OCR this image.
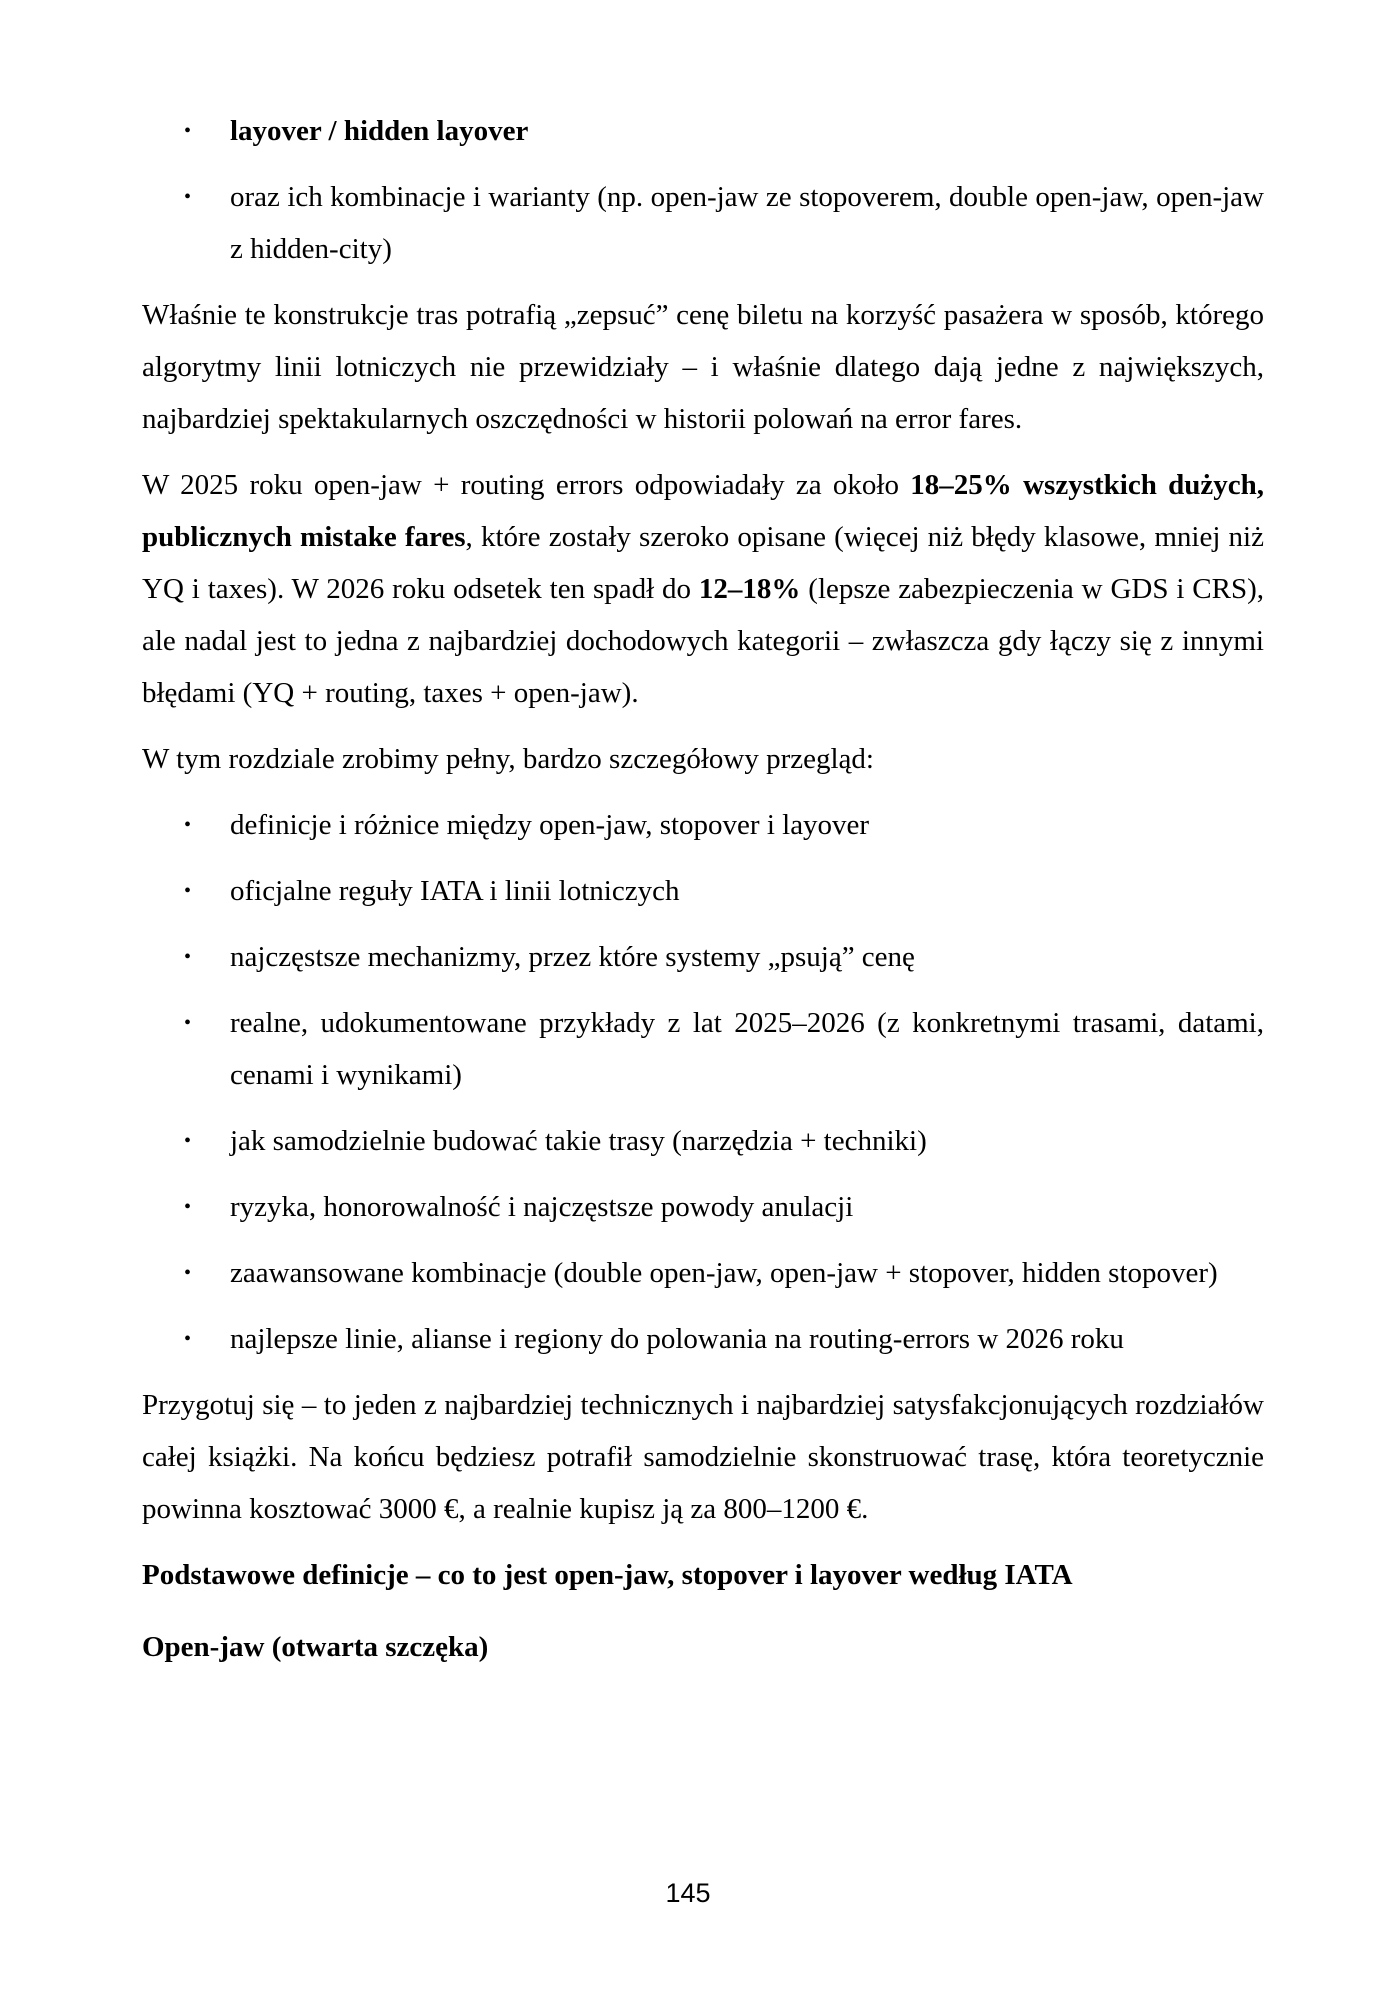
• layover / hidden layover
• oraz ich kombinacje i warianty (np. open-jaw ze stopoverem, double open-jaw, open-jaw z hidden-city)

Właśnie te konstrukcje tras potrafią „zepsuć” cenę biletu na korzyść pasażera w sposób, którego algorytmy linii lotniczych nie przewidziały – i właśnie dlatego dają jedne z największych, najbardziej spektakularnych oszczędności w historii polowań na error fares.

W 2025 roku open-jaw + routing errors odpowiadały za około 18–25% wszystkich dużych, publicznych mistake fares, które zostały szeroko opisane (więcej niż błędy klasowe, mniej niż YQ i taxes). W 2026 roku odsetek ten spadł do 12–18% (lepsze zabezpieczenia w GDS i CRS), ale nadal jest to jedna z najbardziej dochodowych kategorii – zwłaszcza gdy łączy się z innymi błędami (YQ + routing, taxes + open-jaw).

W tym rozdziale zrobimy pełny, bardzo szczegółowy przegląd:

• definicje i różnice między open-jaw, stopover i layover
• oficjalne reguły IATA i linii lotniczych
• najczęstsze mechanizmy, przez które systemy „psują” cenę
• realne, udokumentowane przykłady z lat 2025–2026 (z konkretnymi trasami, datami, cenami i wynikami)
• jak samodzielnie budować takie trasy (narzędzia + techniki)
• ryzyka, honorowalność i najczęstsze powody anulacji
• zaawansowane kombinacje (double open-jaw, open-jaw + stopover, hidden stopover)
• najlepsze linie, alianse i regiony do polowania na routing-errors w 2026 roku

Przygotuj się – to jeden z najbardziej technicznych i najbardziej satysfakcjonujących rozdziałów całej książki. Na końcu będziesz potrafił samodzielnie skonstruować trasę, która teoretycznie powinna kosztować 3000 €, a realnie kupisz ją za 800–1200 €.

Podstawowe definicje – co to jest open-jaw, stopover i layover według IATA
Open-jaw (otwarta szczęka)
145
